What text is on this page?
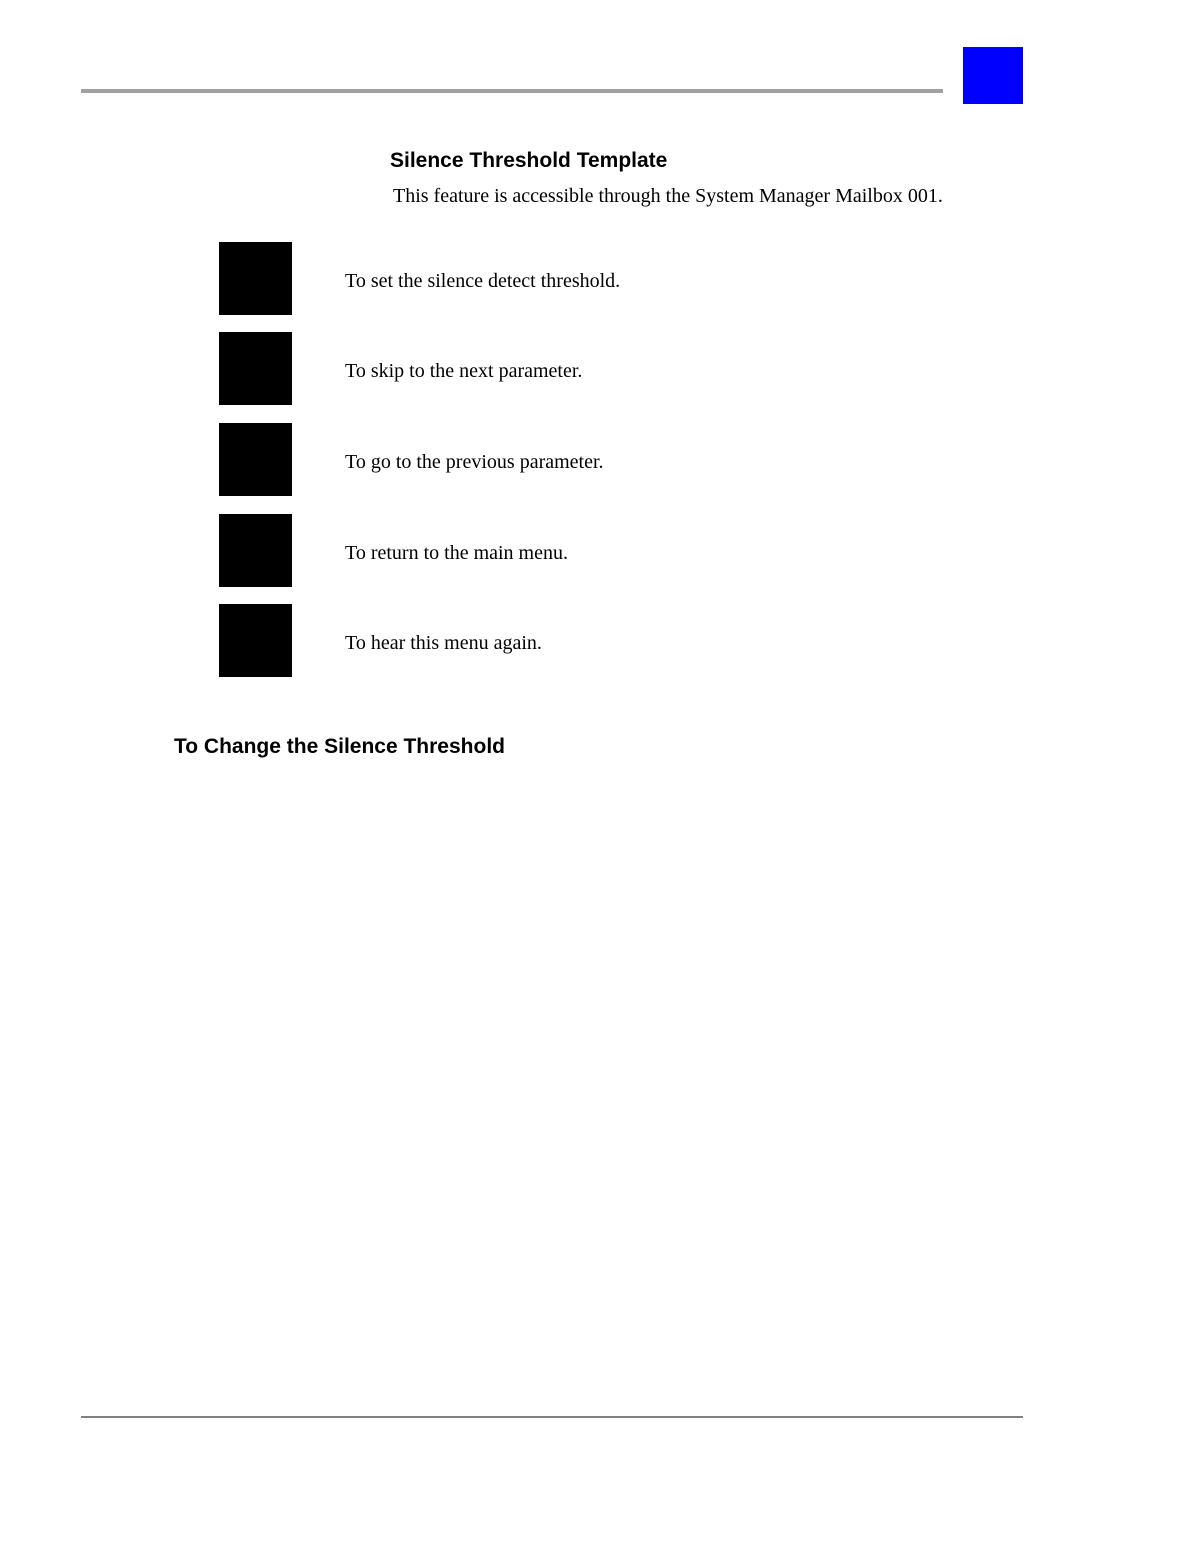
Silence Threshold Template

This feature is accessible through the System Manager Mailbox 001.

To set the silence detect threshold.
To skip to the next parameter.
To go to the previous parameter.
To return to the main menu.
To hear this menu again.
To Change the Silence Threshold
